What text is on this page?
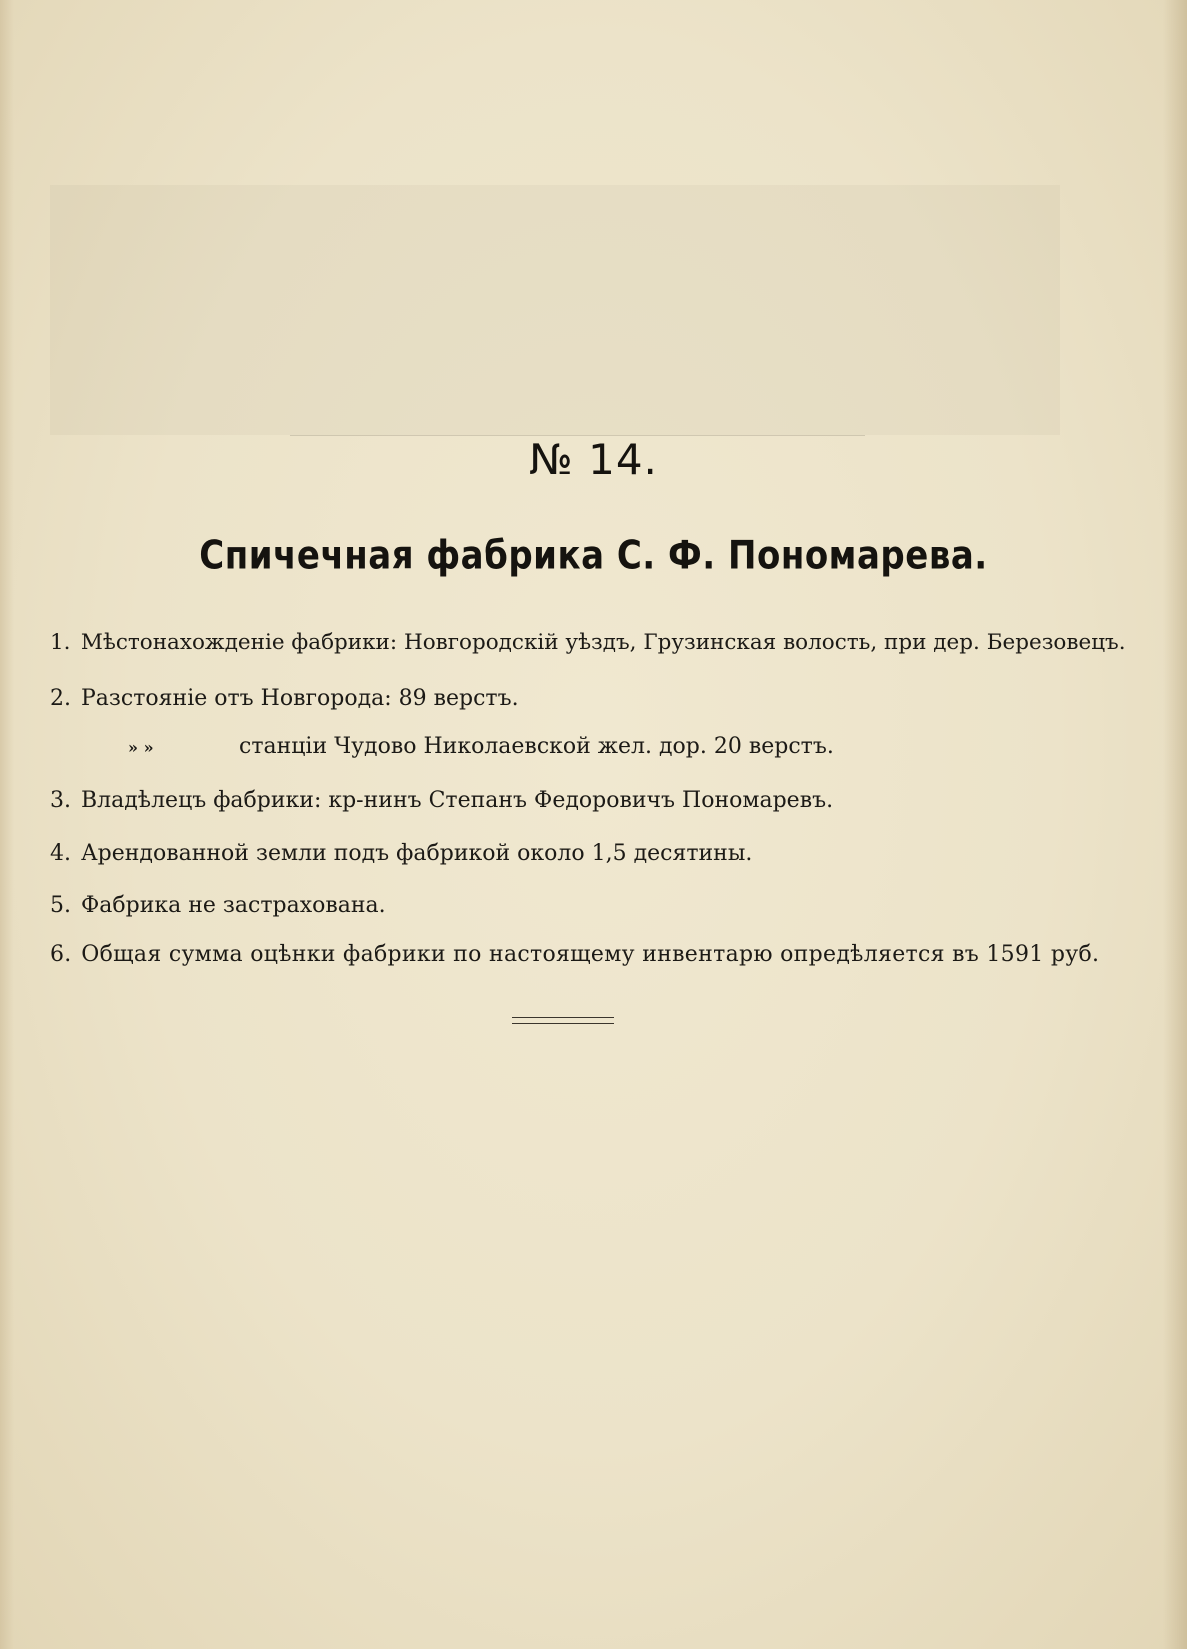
№ 14.
Спичечная фабрика С. Ф. Пономарева.
1. Мѣстонахожденіе фабрики: Новгородскій уѣздъ, Грузинская волость, при дер. Березовецъ.
2. Разстояніе отъ Новгорода: 89 верстъ.
» »	станціи Чудово Николаевской жел. дор. 20 верстъ.
3. Владѣлецъ фабрики: кр-нинъ Степанъ Федоровичъ Пономаревъ.
4. Арендованной земли подъ фабрикой около 1,5 десятины.
5. Фабрика не застрахована.
6. Общая сумма оцѣнки фабрики по настоящему инвентарю опредѣляется въ 1591 руб.
